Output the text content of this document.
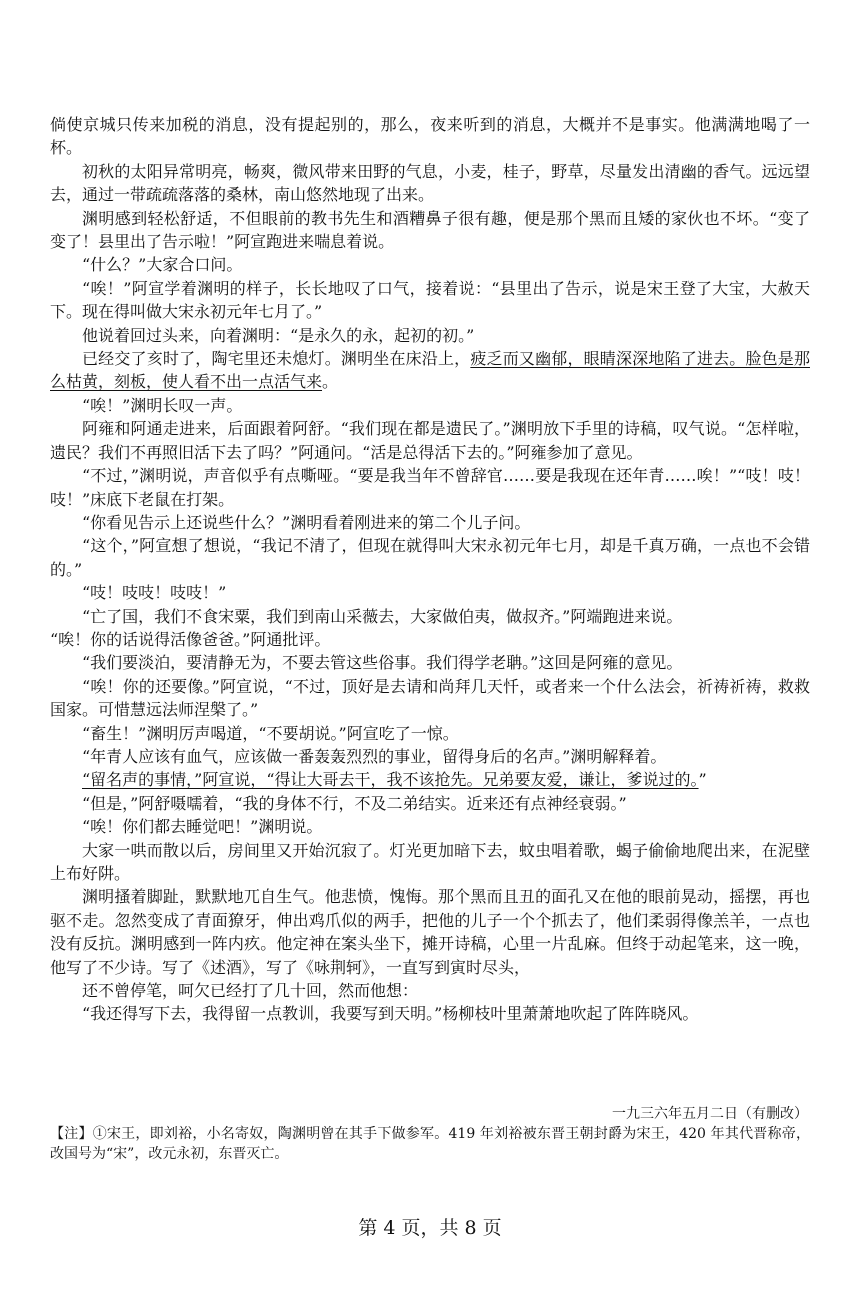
倘使京城只传来加税的消息，没有提起别的，那么，夜来听到的消息，大概并不是事实。他满满地喝了一杯。

初秋的太阳异常明亮，畅爽，微风带来田野的气息，小麦，桂子，野草，尽量发出清幽的香气。远远望去，通过一带疏疏落落的桑林，南山悠然地现了出来。

渊明感到轻松舒适，不但眼前的教书先生和酒糟鼻子很有趣，便是那个黑而且矮的家伙也不坏。“变了变了！县里出了告示啦！”阿宣跑进来喘息着说。

“什么？”大家合口问。

“唉！”阿宣学着渊明的样子，长长地叹了口气，接着说：“县里出了告示，说是宋王登了大宝，大赦天下。现在得叫做大宋永初元年七月了。”

他说着回过头来，向着渊明：“是永久的永，起初的初。”

已经交了亥时了，陶宅里还未熄灯。渊明坐在床沿上，疲乏而又幽郁，眼睛深深地陷了进去。脸色是那么枯黄，刻板，使人看不出一点活气来。

“唉！”渊明长叹一声。

阿雍和阿通走进来，后面跟着阿舒。“我们现在都是遗民了。”渊明放下手里的诗稿，叹气说。“怎样啦，遗民？我们不再照旧活下去了吗？”阿通问。“活是总得活下去的。”阿雍参加了意见。

“不过，”渊明说，声音似乎有点嘶哑。“要是我当年不曾辞官……要是我现在还年青……唉！”“吱！吱！吱！”床底下老鼠在打架。

“你看见告示上还说些什么？”渊明看着刚进来的第二个儿子问。

“这个，”阿宣想了想说，“我记不清了，但现在就得叫大宋永初元年七月，却是千真万确，一点也不会错的。”

“吱！吱吱！吱吱！”

“亡了国，我们不食宋粟，我们到南山采薇去，大家做伯夷，做叔齐。”阿端跑进来说。

“唉！你的话说得活像爸爸。”阿通批评。

“我们要淡泊，要清静无为，不要去管这些俗事。我们得学老聃。”这回是阿雍的意见。

“唉！你的还要像。”阿宣说，“不过，顶好是去请和尚拜几天忏，或者来一个什么法会，祈祷祈祷，救救国家。可惜慧远法师涅槃了。”

“畜生！”渊明厉声喝道，“不要胡说。”阿宣吃了一惊。

“年青人应该有血气，应该做一番轰轰烈烈的事业，留得身后的名声。”渊明解释着。

“留名声的事情，”阿宣说，“得让大哥去干，我不该抢先。兄弟要友爱，谦让，爹说过的。”

“但是，”阿舒嗫嚅着，“我的身体不行，不及二弟结实。近来还有点神经衰弱。”

“唉！你们都去睡觉吧！”渊明说。

大家一哄而散以后，房间里又开始沉寂了。灯光更加暗下去，蚊虫唱着歌，蝎子偷偷地爬出来，在泥壁上布好阱。

渊明搔着脚趾，默默地兀自生气。他悲愤，愧悔。那个黑而且丑的面孔又在他的眼前晃动，摇摆，再也驱不走。忽然变成了青面獠牙，伸出鸡爪似的两手，把他的儿子一个个抓去了，他们柔弱得像羔羊，一点也没有反抗。渊明感到一阵内疚。他定神在案头坐下，摊开诗稿，心里一片乱麻。但终于动起笔来，这一晚，他写了不少诗。写了《述酒》，写了《咏荆轲》，一直写到寅时尽头，

还不曾停笔，呵欠已经打了几十回，然而他想：

“我还得写下去，我得留一点教训，我要写到天明。”杨柳枝叶里萧萧地吹起了阵阵晓风。

一九三六年五月二日（有删改）
【注】①宋王，即刘裕，小名寄奴，陶渊明曾在其手下做参军。419 年刘裕被东晋王朝封爵为宋王，420 年其代晋称帝，改国号为“宋”，改元永初，东晋灭亡。
第 4 页，共 8 页
